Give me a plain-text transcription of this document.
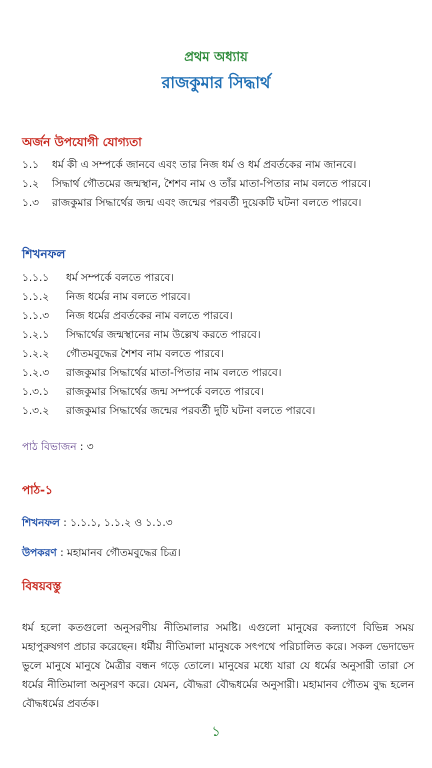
প্রথম অধ্যায়
রাজকুমার সিদ্ধার্থ
অর্জন উপযোগী যোগ্যতা
১.১	ধর্ম কী এ সম্পর্কে জানবে এবং তার নিজ ধর্ম ও ধর্ম প্রবর্তকের নাম জানবে।
১.২	সিদ্ধার্থ গৌতমের জন্মস্থান, শৈশব নাম ও তাঁর মাতা-পিতার নাম বলতে পারবে।
১.৩	রাজকুমার সিদ্ধার্থের জন্ম এবং জন্মের পরবর্তী দুয়েকটি ঘটনা বলতে পারবে।
শিখনফল
১.১.১	ধর্ম সম্পর্কে বলতে পারবে।
১.১.২	নিজ ধর্মের নাম বলতে পারবে।
১.১.৩	নিজ ধর্মের প্রবর্তকের নাম বলতে পারবে।
১.২.১	সিদ্ধার্থের জন্মস্থানের নাম উল্লেখ করতে পারবে।
১.২.২	গৌতমবুদ্ধের শৈশব নাম বলতে পারবে।
১.২.৩	রাজকুমার সিদ্ধার্থের মাতা-পিতার নাম বলতে পারবে।
১.৩.১	রাজকুমার সিদ্ধার্থের জন্ম সম্পর্কে বলতে পারবে।
১.৩.২	রাজকুমার সিদ্ধার্থের জন্মের পরবর্তী দুটি ঘটনা বলতে পারবে।
পাঠ বিভাজন : ৩
পাঠ-১
শিখনফল : ১.১.১, ১.১.২ ও ১.১.৩
উপকরণ : মহামানব গৌতমবুদ্ধের চিত্র।
বিষয়বস্তু
ধর্ম হলো কতগুলো অনুসরণীয় নীতিমালার সমষ্টি। এগুলো মানুষের কল্যাণে বিভিন্ন সময় মহাপুরুষগণ প্রচার করেছেন। ধর্মীয় নীতিমালা মানুষকে সৎপথে পরিচালিত করে। সকল ভেদাভেদ ভুলে মানুষে মানুষে মৈত্রীর বন্ধন গড়ে তোলে। মানুষের মধ্যে যারা যে ধর্মের অনুসারী তারা সে ধর্মের নীতিমালা অনুসরণ করে। যেমন, বৌদ্ধরা বৌদ্ধধর্মের অনুসারী। মহামানব গৌতম বুদ্ধ হলেন বৌদ্ধধর্মের প্রবর্তক।
১
